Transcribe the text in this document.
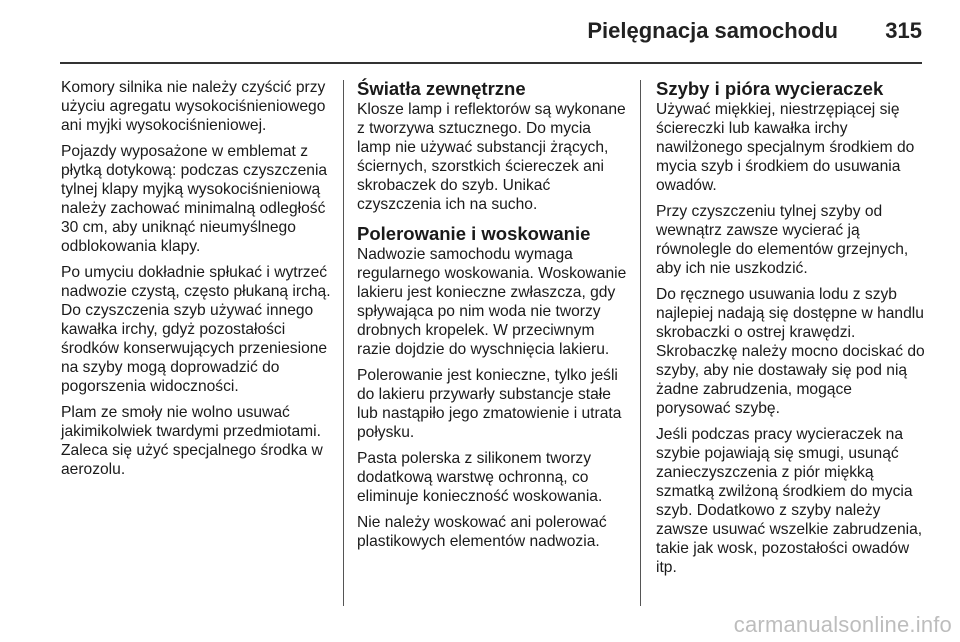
Pielęgnacja samochodu 315

Komory silnika nie należy czyścić przy użyciu agregatu wysokociśnieniowego ani myjki wysokociśnieniowej.

Pojazdy wyposażone w emblemat z płytką dotykową: podczas czyszczenia tylnej klapy myjką wysokociśnieniową należy zachować minimalną odległość 30 cm, aby uniknąć nieumyślnego odblokowania klapy.

Po umyciu dokładnie spłukać i wytrzeć nadwozie czystą, często płukaną irchą. Do czyszczenia szyb używać innego kawałka irchy, gdyż pozostałości środków konserwujących przeniesione na szyby mogą doprowadzić do pogorszenia widoczności.

Plam ze smoły nie wolno usuwać jakimikolwiek twardymi przedmiotami. Zaleca się użyć specjalnego środka w aerozolu.

Światła zewnętrzne

Klosze lamp i reflektorów są wykonane z tworzywa sztucznego. Do mycia lamp nie używać substancji żrących, ściernych, szorstkich ściereczek ani skrobaczek do szyb. Unikać czyszczenia ich na sucho.

Polerowanie i woskowanie

Nadwozie samochodu wymaga regularnego woskowania. Woskowanie lakieru jest konieczne zwłaszcza, gdy spływająca po nim woda nie tworzy drobnych kropelek. W przeciwnym razie dojdzie do wyschnięcia lakieru.

Polerowanie jest konieczne, tylko jeśli do lakieru przywarły substancje stałe lub nastąpiło jego zmatowienie i utrata połysku.

Pasta polerska z silikonem tworzy dodatkową warstwę ochronną, co eliminuje konieczność woskowania.

Nie należy woskować ani polerować plastikowych elementów nadwozia.

Szyby i pióra wycieraczek

Używać miękkiej, niestrzępiącej się ściereczki lub kawałka irchy nawilżonego specjalnym środkiem do mycia szyb i środkiem do usuwania owadów.

Przy czyszczeniu tylnej szyby od wewnątrz zawsze wycierać ją równolegle do elementów grzejnych, aby ich nie uszkodzić.

Do ręcznego usuwania lodu z szyb najlepiej nadają się dostępne w handlu skrobaczki o ostrej krawędzi. Skrobaczkę należy mocno dociskać do szyby, aby nie dostawały się pod nią żadne zabrudzenia, mogące porysować szybę.

Jeśli podczas pracy wycieraczek na szybie pojawiają się smugi, usunąć zanieczyszczenia z piór miękką szmatką zwilżoną środkiem do mycia szyb. Dodatkowo z szyby należy zawsze usuwać wszelkie zabrudzenia, takie jak wosk, pozostałości owadów itp.

carmanualsonline.info
